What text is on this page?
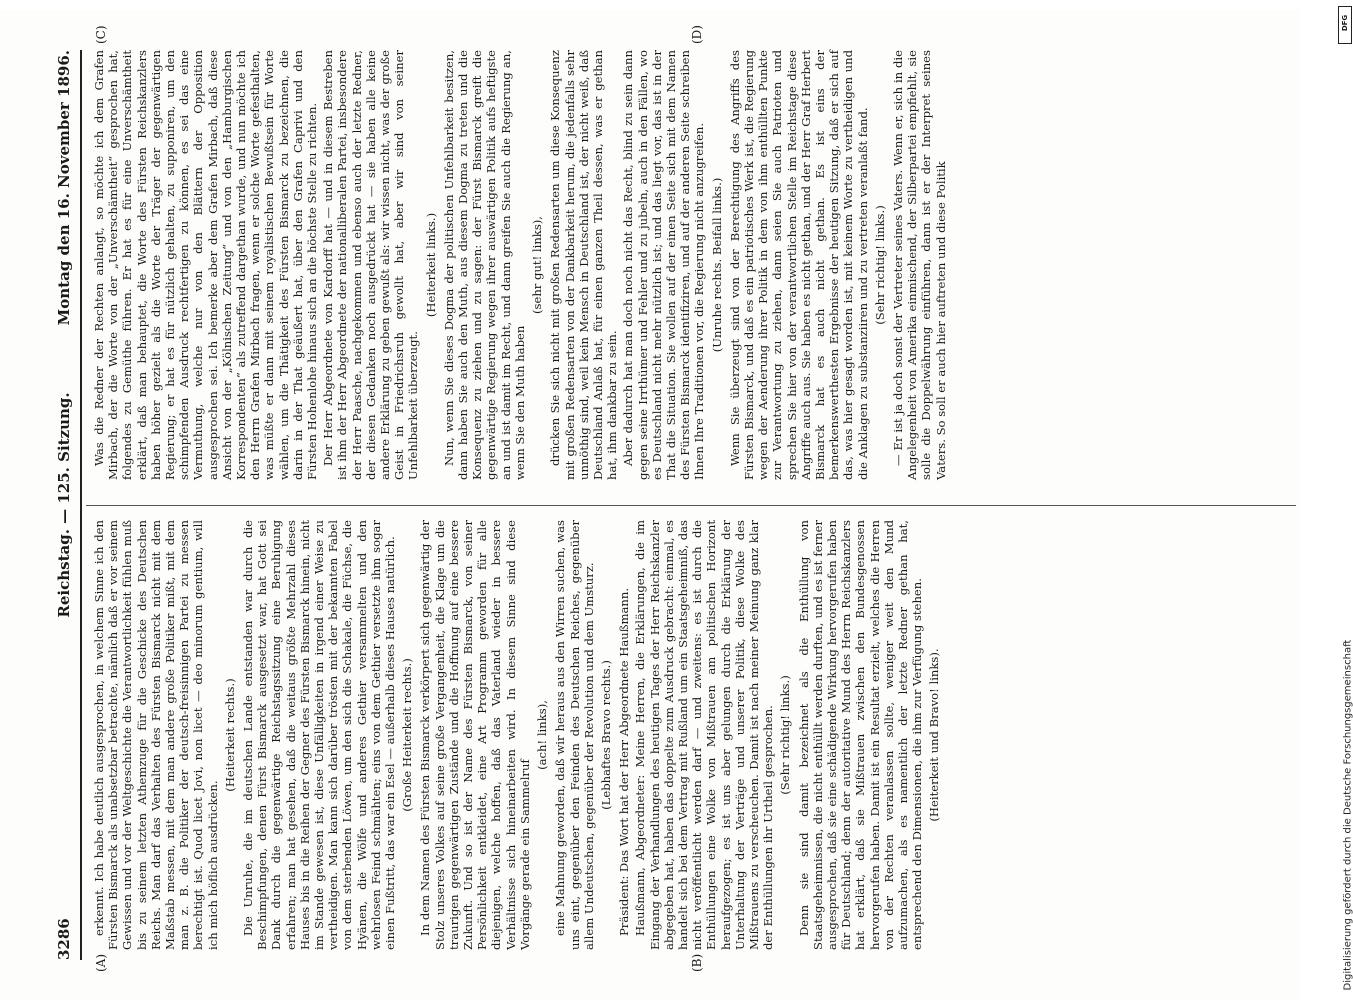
3286
Reichstag. — 125. Sitzung.
Montag den 16. November 1896.
(A)	(B)
(C)	(D)

erkennt. Ich habe deutlich ausgesprochen, in welchem Sinne ich den Fürsten Bismarck als unabsetzbar betrachte, nämlich daß er vor seinem Gewissen und vor der Weltgeschichte die Verantwortlichkeit fühlen muß bis zu seinem letzten Athemzuge für die Geschicke des Deutschen Reichs. Man darf das Verhalten des Fürsten Bismarck nicht mit dem Maßstab messen, mit dem man andere große Politiker mißt, mit dem man z. B. die Politiker der deutsch-freisinnigen Partei zu messen berechtigt ist. Quod licet Jovi, non licet — deo minorum gentium, will ich mich höflich ausdrücken.

(Heiterkeit rechts.) Die Unruhe, die im deutschen Lande entstanden war durch die Beschimpfungen, denen Fürst Bismarck ausgesetzt war, hat Gott sei Dank durch die gegenwärtige Reichstagssitzung eine Beruhigung erfahren; man hat gesehen, daß die weitaus größte Mehrzahl dieses Hauses bis in die Reihen der Gegner des Fürsten Bismarck hinein, nicht im Stande gewesen ist, diese Unfälligkeiten in irgend einer Weise zu vertheidigen. Man kann sich darüber trösten mit der bekannten Fabel von dem sterbenden Löwen, um den sich die Schakale, die Füchse, die Hyänen, die Wölfe und anderes Gethier versammelten und den wehrlosen Feind schmähten; eins von dem Gethier versetzte ihm sogar einen Fußtritt, das war ein Esel — außerhalb dieses Hauses natürlich. (Große Heiterkeit rechts.) In dem Namen des Fürsten Bismarck verkörpert sich gegenwärtig der Stolz unseres Volkes auf seine große Vergangenheit, die Klage um die traurigen gegenwärtigen Zustände und die Hoffnung auf eine bessere Zukunft. Und so ist der Name des Fürsten Bismarck, von seiner Persönlichkeit entkleidet, eine Art Programm geworden für alle diejenigen, welche hoffen, daß das Vaterland wieder in bessere Verhältnisse sich hineinarbeiten wird. In diesem Sinne sind diese Vorgänge gerade ein Sammelruf

(ach! links), eine Mahnung geworden, daß wir heraus aus den Wirren suchen, was uns eint, gegenüber den Feinden des Deutschen Reiches, gegenüber allem Undeutschen, gegenüber der Revolution und dem Umsturz. (Lebhaftes Bravo rechts.) Präsident: Das Wort hat der Herr Abgeordnete Haußmann. Haußmann, Abgeordneter: Meine Herren, die Erklärungen, die im Eingang der Verhandlungen des heutigen Tages der Herr Reichskanzler abgegeben hat, haben das doppelte zum Ausdruck gebracht: einmal, es handelt sich bei dem Vertrag mit Rußland um ein Staatsgeheimniß, das nicht veröffentlicht werden darf — und zweitens: es ist durch die Enthüllungen eine Wolke von Mißtrauen am politischen Horizont heraufgezogen; es ist uns aber gelungen durch die Erklärung der Unterhaltung der Verträge und unserer Politik, diese Wolke des Mißtrauens zu verscheuchen. Damit ist nach meiner Meinung ganz klar der Enthüllungen ihr Urtheil gesprochen. (Sehr richtig! links.) Denn sie sind damit bezeichnet als die Enthüllung von Staatsgeheimnissen, die nicht enthüllt werden durften, und es ist ferner ausgesprochen, daß sie eine schädigende Wirkung hervorgerufen haben für Deutschland; denn der autoritative Mund des Herrn Reichskanzlers hat erklärt, daß sie Mißtrauen zwischen den Bundesgenossen hervorgerufen haben. Damit ist ein Resultat erzielt, welches die Herren von der Rechten veranlassen sollte, weniger weit den Mund aufzumachen, als es namentlich der letzte Redner gethan hat, entsprechend den Dimensionen, die ihm zur Verfügung stehen. (Heiterkeit und Bravo! links).

Was die Redner der Rechten anlangt, so möchte ich dem Grafen Mirbach, der die Worte von der „Unverschämtheit“ gesprochen hat, folgendes zu Gemüthe führen. Er hat es für eine Unverschämtheit erklärt, daß man behauptet, die Worte des Fürsten Reichskanzlers haben höher gezielt als die Worte der Träger der gegenwärtigen Regierung; er hat es für nützlich gehalten, zu supponiren, um den schimpfenden Ausdruck rechtfertigen zu können, es sei das eine Vermuthung, welche nur von den Blättern der Opposition ausgesprochen sei. Ich bemerke aber dem Grafen Mirbach, daß diese Ansicht von der „Kölnischen Zeitung“ und von den „Hamburgischen Korrespondenten“ als zutreffend dargethan wurde, und nun möchte ich den Herrn Grafen Mirbach fragen, wenn er solche Worte gefesthalten, was müßte er dann mit seinem royalistischen Bewußtsein für Worte wählen, um die Thätigkeit des Fürsten Bismarck zu bezeichnen, die darin in der That geäußert hat, über den Grafen Caprivi und den Fürsten Hohenlohe hinaus sich an die höchste Stelle zu richten. Der Herr Abgeordnete von Kardorff hat — und in diesem Bestreben ist ihm der Herr Abgeordnete der nationalliberalen Partei, insbesondere der Herr Paasche, nachgekommen und ebenso auch der letzte Redner, der diesen Gedanken noch ausgedrückt hat — sie haben alle keine andere Erklärung zu geben gewußt als: wir wissen nicht, was der große Geist in Friedrichsruh gewollt hat, aber wir sind von seiner Unfehlbarkeit überzeugt.

(Heiterkeit links.) Nun, wenn Sie dieses Dogma der politischen Unfehlbarkeit besitzen, dann haben Sie auch den Muth, aus diesem Dogma zu treten und die Konsequenz zu ziehen und zu sagen: der Fürst Bismarck greift die gegenwärtige Regierung wegen ihrer auswärtigen Politik aufs heftigste an und ist damit im Recht, und dann greifen Sie auch die Regierung an, wenn Sie den Muth haben

(sehr gut! links), drücken Sie sich nicht mit großen Redensarten um diese Konsequenz mit großen Redensarten von der Dankbarkeit herum, die jedenfalls sehr unnöthig sind, weil kein Mensch in Deutschland ist, der nicht weiß, daß Deutschland Anlaß hat, für einen ganzen Theil dessen, was er gethan hat, ihm dankbar zu sein. Aber dadurch hat man doch noch nicht das Recht, blind zu sein dann gegen seine Irrthümer und Fehler und zu jubeln, auch in den Fällen, wo es Deutschland nicht mehr nützlich ist; und das liegt vor, das ist in der That die Situation. Sie wollen auf der einen Seite sich mit dem Namen des Fürsten Bismarck identifiziren, und auf der anderen Seite schreiben Ihnen Ihre Traditionen vor, die Regierung nicht anzugreifen. (Unruhe rechts. Beifall links.) Wenn Sie überzeugt sind von der Berechtigung des Angriffs des Fürsten Bismarck, und daß es ein patriotisches Werk ist, die Regierung wegen der Aenderung ihrer Politik in dem von ihm enthüllten Punkte zur Verantwortung zu ziehen, dann seien Sie auch Patrioten und sprechen Sie hier von der verantwortlichen Stelle im Reichstage diese Angriffe auch aus. Sie haben es nicht gethan, und der Herr Graf Herbert Bismarck hat es auch nicht gethan. Es ist eins der bemerkenswerthesten Ergebnisse der heutigen Sitzung, daß er sich auf das, was hier gesagt worden ist, mit keinem Worte zu vertheidigen und die Anklagen zu substanziiren und zu vertreten veranlaßt fand. (Sehr richtig! links.) — Er ist ja doch sonst der Vertreter seines Vaters. Wenn er, sich in die Angelegenheit von Amerika einmischend, der Silberpartei empfiehlt, sie solle die Doppelwährung einführen, dann ist er der Interpret seines Vaters. So soll er auch hier auftreten und diese Politik

DFG
Digitalisierung gefördert durch die Deutsche Forschungsgemeinschaft
